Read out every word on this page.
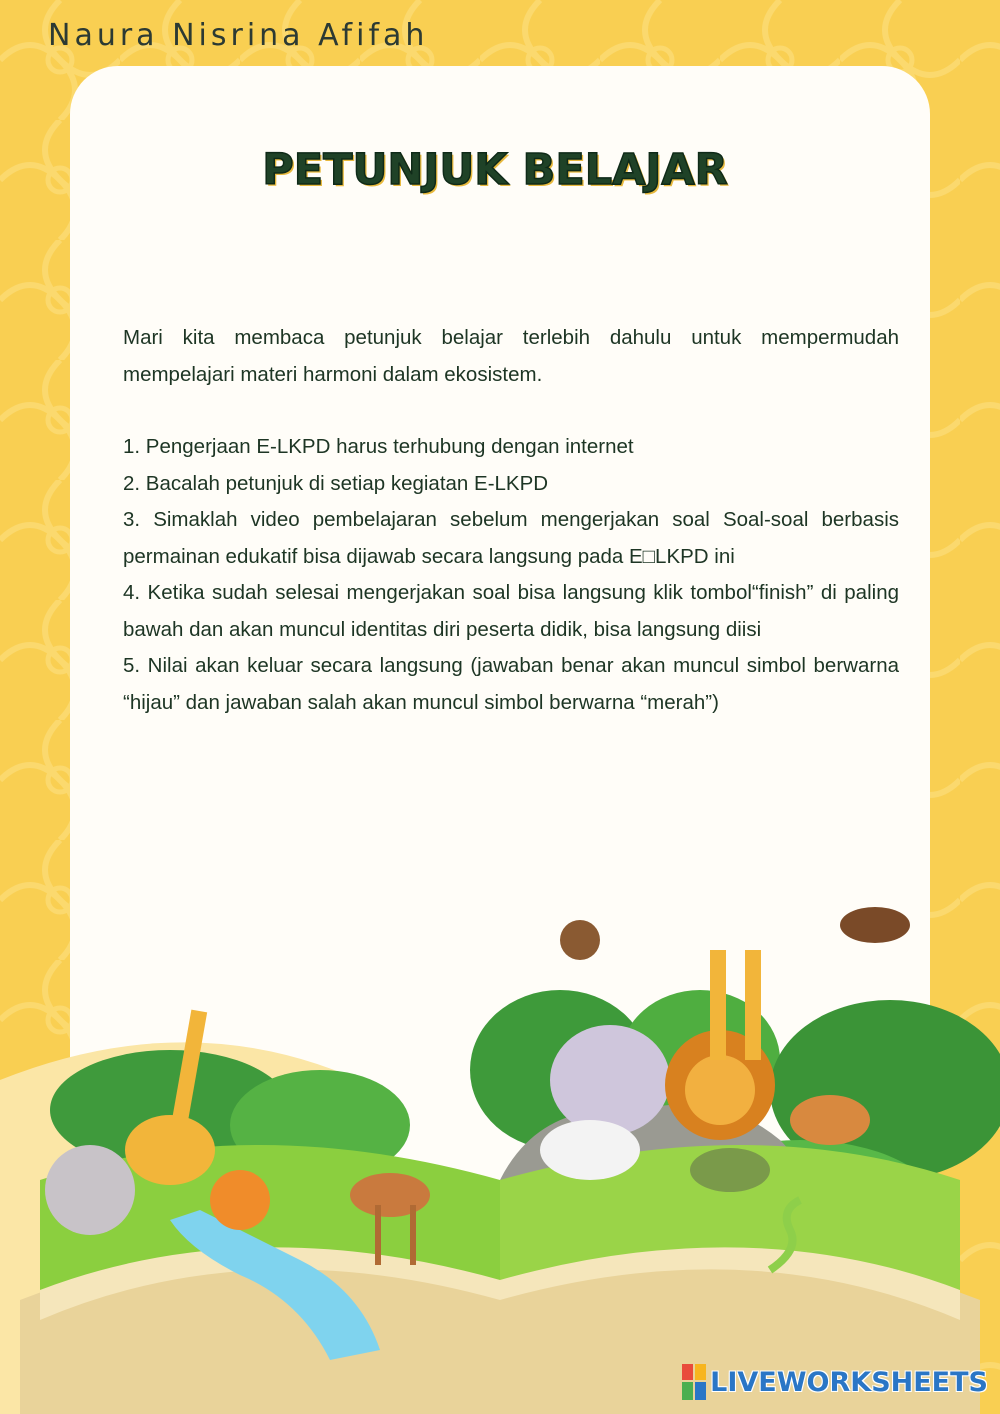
Naura Nisrina Afifah
PETUNJUK BELAJAR

Mari kita membaca petunjuk belajar terlebih dahulu untuk mempermudah mempelajari materi harmoni dalam ekosistem.

1. Pengerjaan E-LKPD harus terhubung dengan internet

2. Bacalah petunjuk di setiap kegiatan E-LKPD

3. Simaklah video pembelajaran sebelum mengerjakan soal Soal-soal berbasis permainan edukatif bisa dijawab secara langsung pada E□LKPD ini

4. Ketika sudah selesai mengerjakan soal bisa langsung klik tombol“finish” di paling bawah dan akan muncul identitas diri peserta didik, bisa langsung diisi

5. Nilai akan keluar secara langsung (jawaban benar akan muncul simbol berwarna “hijau” dan jawaban salah akan muncul simbol berwarna “merah”)

LIVEWORKSHEETS
